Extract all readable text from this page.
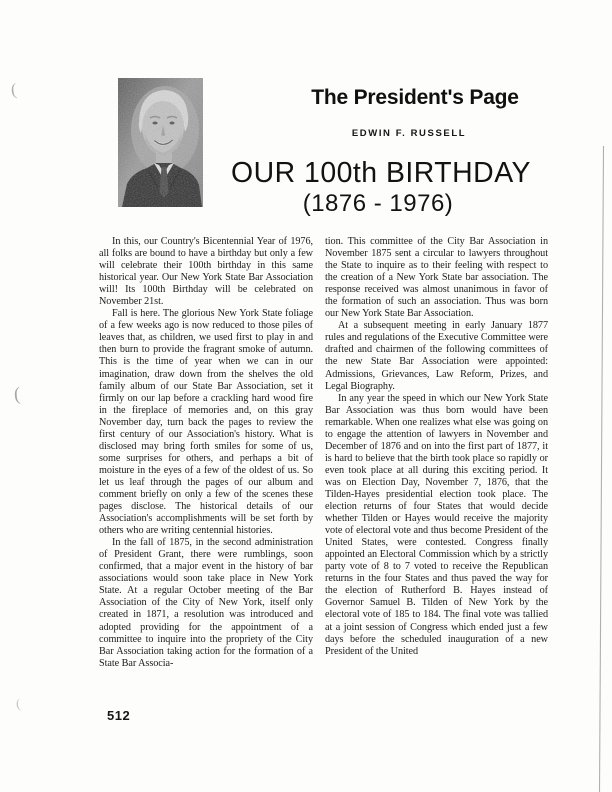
(
(
(
The President's Page
EDWIN F. RUSSELL
OUR 100th BIRTHDAY
(1876 - 1976)

In this, our Country's Bicentennial Year of 1976, all folks are bound to have a birthday but only a few will celebrate their 100th birthday in this same historical year. Our New York State Bar Association will! Its 100th Birthday will be celebrated on November 21st.

Fall is here. The glorious New York State foliage of a few weeks ago is now reduced to those piles of leaves that, as children, we used first to play in and then burn to provide the fragrant smoke of autumn. This is the time of year when we can in our imagination, draw down from the shelves the old family album of our State Bar Association, set it firmly on our lap before a crackling hard wood fire in the fireplace of memories and, on this gray November day, turn back the pages to review the first century of our Association's history. What is disclosed may bring forth smiles for some of us, some surprises for others, and perhaps a bit of moisture in the eyes of a few of the oldest of us. So let us leaf through the pages of our album and comment briefly on only a few of the scenes these pages disclose. The historical details of our Association's accomplishments will be set forth by others who are writing centennial histories.

In the fall of 1875, in the second administration of President Grant, there were rumblings, soon confirmed, that a major event in the history of bar associations would soon take place in New York State. At a regular October meeting of the Bar Association of the City of New York, itself only created in 1871, a resolution was introduced and adopted providing for the appointment of a committee to inquire into the propriety of the City Bar Association taking action for the formation of a State Bar Associa-

tion. This committee of the City Bar Association in November 1875 sent a circular to lawyers throughout the State to inquire as to their feeling with respect to the creation of a New York State bar association. The response received was almost unanimous in favor of the formation of such an association. Thus was born our New York State Bar Association.

At a subsequent meeting in early January 1877 rules and regulations of the Executive Committee were drafted and chairmen of the following committees of the new State Bar Association were appointed: Admissions, Grievances, Law Reform, Prizes, and Legal Biography.

In any year the speed in which our New York State Bar Association was thus born would have been remarkable. When one realizes what else was going on to engage the attention of lawyers in November and December of 1876 and on into the first part of 1877, it is hard to believe that the birth took place so rapidly or even took place at all during this exciting period. It was on Election Day, November 7, 1876, that the Tilden-Hayes presidential election took place. The election returns of four States that would decide whether Tilden or Hayes would receive the majority vote of electoral vote and thus become President of the United States, were contested. Congress finally appointed an Electoral Commission which by a strictly party vote of 8 to 7 voted to receive the Republican returns in the four States and thus paved the way for the election of Rutherford B. Hayes instead of Governor Samuel B. Tilden of New York by the electoral vote of 185 to 184. The final vote was tallied at a joint session of Congress which ended just a few days before the scheduled inauguration of a new President of the United

512
